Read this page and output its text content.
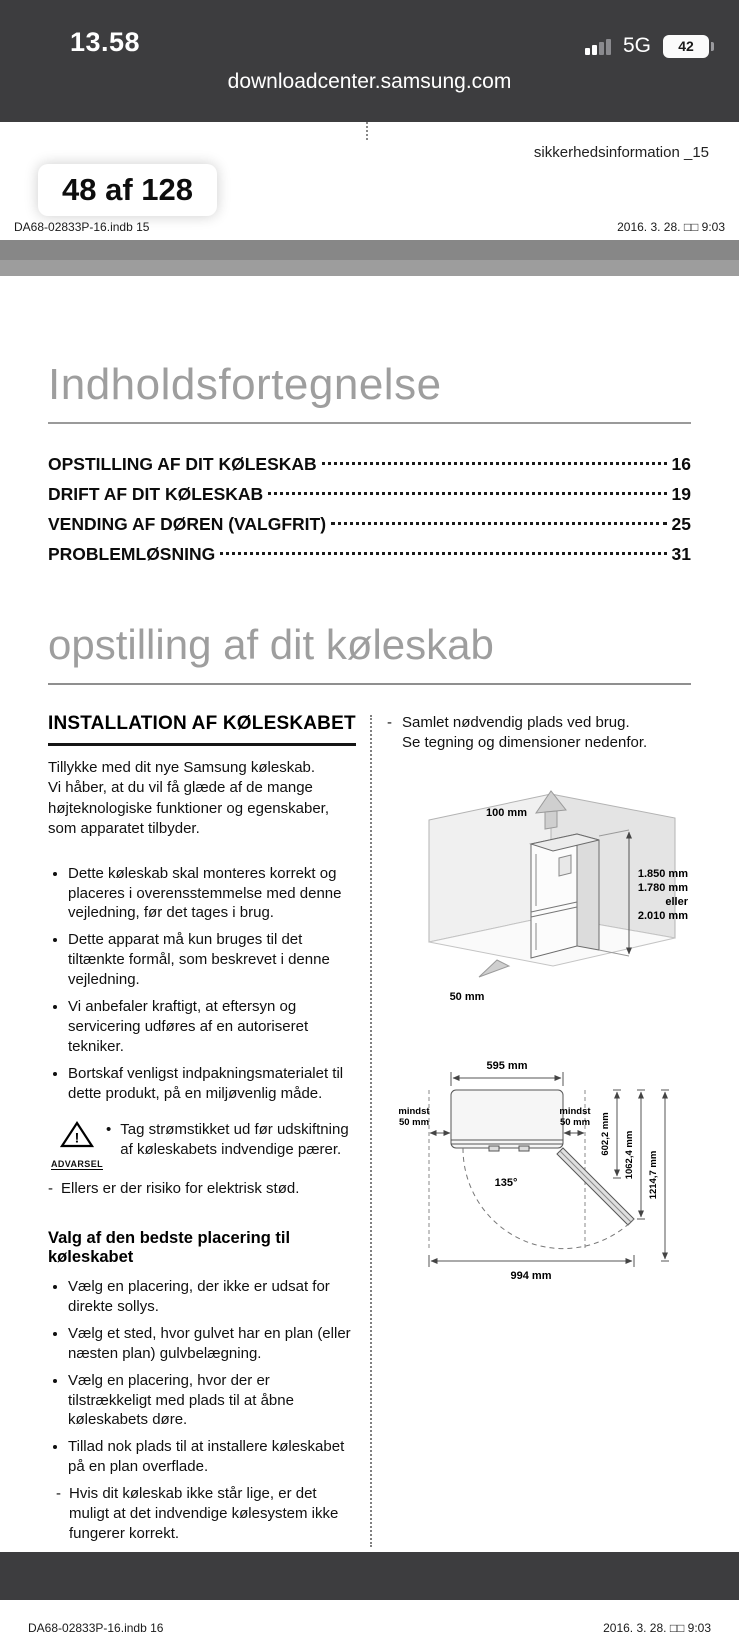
13.58	5G	42
downloadcenter.samsung.com
sikkerhedsinformation _15
48 af 128
DA68-02833P-16.indb 15	2016. 3. 28. □□ 9:03
Indholdsfortegnelse
OPSTILLING AF DIT KØLESKAB	16
DRIFT AF DIT KØLESKAB	19
VENDING AF DØREN (VALGFRIT)	25
PROBLEMLØSNING	31
opstilling af dit køleskab
INSTALLATION AF KØLESKABET

Tillykke med dit nye Samsung køleskab.

Vi håber, at du vil få glæde af de mange højteknologiske funktioner og egenskaber, som apparatet tilbyder.

• Dette køleskab skal monteres korrekt og placeres i overensstemmelse med denne vejledning, før det tages i brug.
• Dette apparat må kun bruges til det tiltænkte formål, som beskrevet i denne vejledning.
• Vi anbefaler kraftigt, at eftersyn og servicering udføres af en autoriseret tekniker.
• Bortskaf venligst indpakningsmaterialet til dette produkt, på en miljøvenlig måde.
!
ADVARSEL
• Tag strømstikket ud før udskiftning af køleskabets indvendige pærer.
- Ellers er der risiko for elektrisk stød.
Valg af den bedste placering til køleskabet
• Vælg en placering, der ikke er udsat for direkte sollys.
• Vælg et sted, hvor gulvet har en plan (eller næsten plan) gulvbelægning.
• Vælg en placering, hvor der er tilstrækkeligt med plads til at åbne køleskabets døre.
• Tillad nok plads til at installere køleskabet på en plan overflade.
- Hvis dit køleskab ikke står lige, er det muligt at det indvendige kølesystem ikke fungerer korrekt.

- Samlet nødvendig plads ved brug.

Se tegning og dimensioner nedenfor.

100 mm
1.850 mm
1.780 mm
eller
2.010 mm
50 mm
595 mm
mindst
50 mm
mindst
50 mm
135°
602,2 mm 1062,4 mm 1214,7 mm
994 mm
DA68-02833P-16.indb 16	2016. 3. 28. □□ 9:03
